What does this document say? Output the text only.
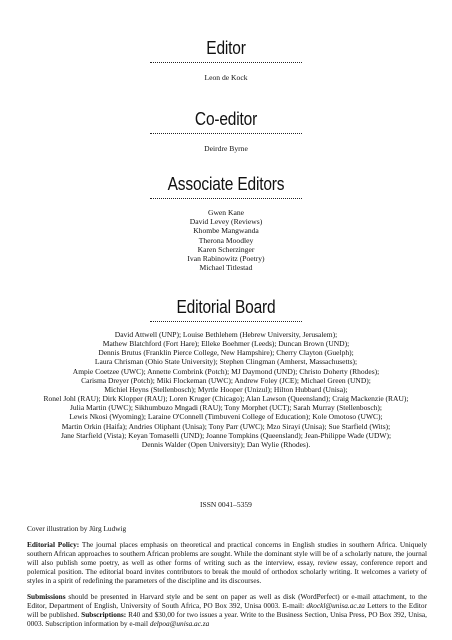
Editor
Leon de Kock
Co-editor
Deirdre Byrne
Associate Editors
Gwen Kane
David Levey (Reviews)
Khombe Mangwanda
Therona Moodley
Karen Scherzinger
Ivan Rabinowitz (Poetry)
Michael Titlestad
Editorial Board
David Attwell (UNP); Louise Bethlehem (Hebrew University, Jerusalem);
Mathew Blatchford (Fort Hare); Elleke Boehmer (Leeds); Duncan Brown (UND);
Dennis Brutus (Franklin Pierce College, New Hampshire); Cherry Clayton (Guelph);
Laura Chrisman (Ohio State University); Stephen Clingman (Amherst, Massachusetts);
Ampie Coetzee (UWC); Annette Combrink (Potch); MJ Daymond (UND); Christo Doherty (Rhodes);
Carisma Dreyer (Potch); Miki Flockeman (UWC); Andrew Foley (JCE); Michael Green (UND);
Michiel Heyns (Stellenbosch); Myrtle Hooper (Unizul); Hilton Hubbard (Unisa);
Ronel Johl (RAU); Dirk Klopper (RAU); Loren Kruger (Chicago); Alan Lawson (Queensland); Craig Mackenzie (RAU);
Julia Martin (UWC); Sikhumbuzo Mngadi (RAU); Tony Morphet (UCT); Sarah Murray (Stellenbosch);
Lewis Nkosi (Wyoming); Laraine O'Connell (Timbuveni College of Education); Kole Omotoso (UWC);
Martin Orkin (Haifa); Andries Oliphant (Unisa); Tony Parr (UWC); Mzo Sirayi (Unisa); Sue Starfield (Wits);
Jane Starfield (Vista); Keyan Tomaselli (UND); Joanne Tompkins (Queensland); Jean-Philippe Wade (UDW);
Dennis Walder (Open University); Dan Wylie (Rhodes).
ISSN 0041–5359

Cover illustration by Jürg Ludwig

Editorial Policy: The journal places emphasis on theoretical and practical concerns in English studies in southern Africa. Uniquely southern African approaches to southern African problems are sought. While the dominant style will be of a scholarly nature, the journal will also publish some poetry, as well as other forms of writing such as the interview, essay, review essay, conference report and polemical position. The editorial board invites contributors to break the mould of orthodox scholarly writing. It welcomes a variety of styles in a spirit of redefining the parameters of the discipline and its discourses.

Submissions should be presented in Harvard style and be sent on paper as well as disk (WordPerfect) or e-mail attachment, to the Editor, Department of English, University of South Africa, PO Box 392, Unisa 0003. E-mail: dkockl@unisa.ac.za Letters to the Editor will be published. Subscriptions: R40 and $30,00 for two issues a year. Write to the Business Section, Unisa Press, PO Box 392, Unisa, 0003. Subscription information by e-mail delpoa@unisa.ac.za
